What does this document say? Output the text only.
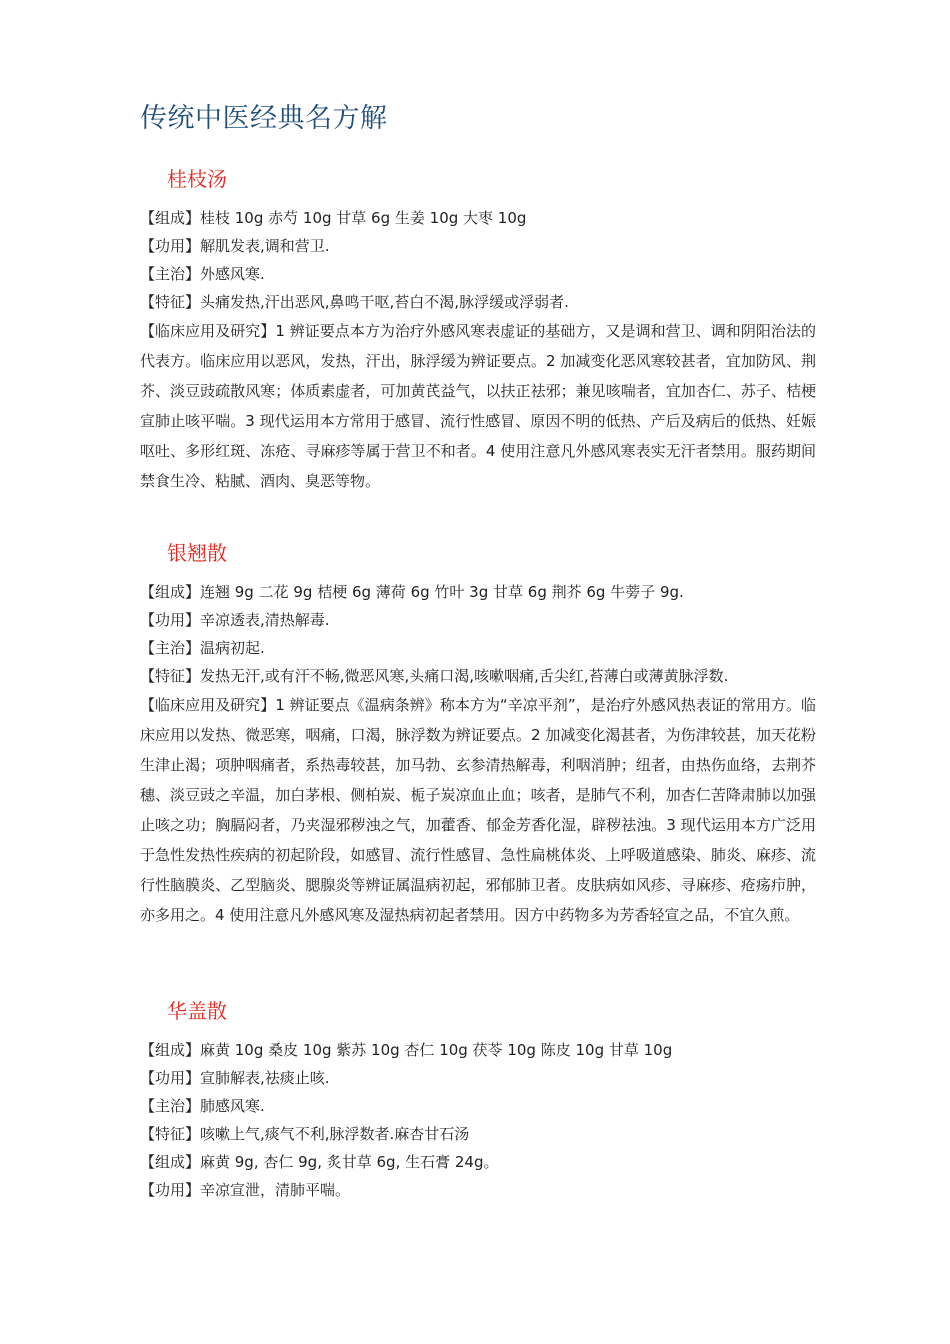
传统中医经典名方解
桂枝汤

【组成】桂枝 10g 赤芍 10g 甘草 6g 生姜 10g 大枣 10g

【功用】解肌发表,调和营卫.

【主治】外感风寒.

【特征】头痛发热,汗出恶风,鼻鸣干呕,苔白不渴,脉浮缓或浮弱者.

【临床应用及研究】1 辨证要点本方为治疗外感风寒表虚证的基础方，又是调和营卫、调和阴阳治法的代表方。临床应用以恶风，发热，汗出，脉浮缓为辨证要点。2 加减变化恶风寒较甚者，宜加防风、荆芥、淡豆豉疏散风寒；体质素虚者，可加黄芪益气，以扶正祛邪；兼见咳喘者，宜加杏仁、苏子、桔梗宣肺止咳平喘。3 现代运用本方常用于感冒、流行性感冒、原因不明的低热、产后及病后的低热、妊娠呕吐、多形红斑、冻疮、寻麻疹等属于营卫不和者。4 使用注意凡外感风寒表实无汗者禁用。服药期间禁食生冷、粘腻、酒肉、臭恶等物。

银翘散

【组成】连翘 9g 二花 9g 桔梗 6g 薄荷 6g 竹叶 3g 甘草 6g 荆芥 6g 牛蒡子 9g.

【功用】辛凉透表,清热解毒.

【主治】温病初起.

【特征】发热无汗,或有汗不畅,微恶风寒,头痛口渴,咳嗽咽痛,舌尖红,苔薄白或薄黄脉浮数.

【临床应用及研究】1 辨证要点《温病条辨》称本方为“辛凉平剂”，是治疗外感风热表证的常用方。临床应用以发热、微恶寒，咽痛，口渴，脉浮数为辨证要点。2 加减变化渴甚者，为伤津较甚，加天花粉生津止渴；项肿咽痛者，系热毒较甚，加马勃、玄参清热解毒，利咽消肿；纽者，由热伤血络，去荆芥穗、淡豆豉之辛温，加白茅根、侧柏炭、栀子炭凉血止血；咳者，是肺气不利，加杏仁苦降肃肺以加强止咳之功；胸膈闷者，乃夹湿邪秽浊之气，加藿香、郁金芳香化湿，辟秽祛浊。3 现代运用本方广泛用于急性发热性疾病的初起阶段，如感冒、流行性感冒、急性扁桃体炎、上呼吸道感染、肺炎、麻疹、流行性脑膜炎、乙型脑炎、腮腺炎等辨证属温病初起，邪郁肺卫者。皮肤病如风疹、寻麻疹、疮疡疖肿，亦多用之。4 使用注意凡外感风寒及湿热病初起者禁用。因方中药物多为芳香轻宣之品，不宜久煎。

华盖散

【组成】麻黄 10g 桑皮 10g 紫苏 10g 杏仁 10g 茯苓 10g 陈皮 10g 甘草 10g

【功用】宣肺解表,祛痰止咳.

【主治】肺感风寒.

【特征】咳嗽上气,痰气不利,脉浮数者.麻杏甘石汤

【组成】麻黄 9g, 杏仁 9g, 炙甘草 6g, 生石膏 24g。

【功用】辛凉宣泄，清肺平喘。
